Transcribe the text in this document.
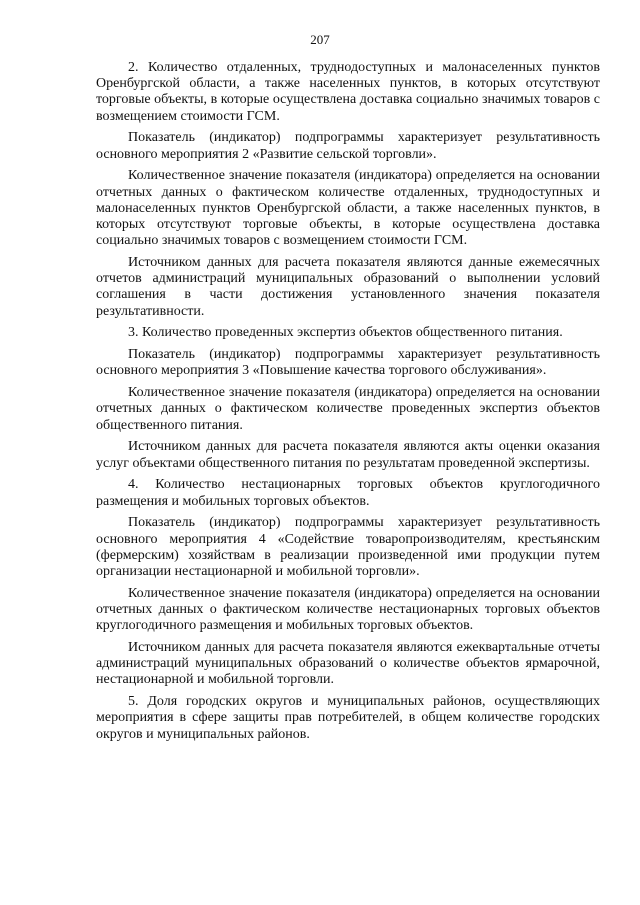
207

2. Количество отдаленных, труднодоступных и малонаселенных пунктов Оренбургской области, а также населенных пунктов, в которых отсутствуют торговые объекты, в которые осуществлена доставка социально значимых товаров с возмещением стоимости ГСМ.

Показатель (индикатор) подпрограммы характеризует результативность основного мероприятия 2 «Развитие сельской торговли».

Количественное значение показателя (индикатора) определяется на основании отчетных данных о фактическом количестве отдаленных, труднодоступных и малонаселенных пунктов Оренбургской области, а также населенных пунктов, в которых отсутствуют торговые объекты, в которые осуществлена доставка социально значимых товаров с возмещением стоимости ГСМ.

Источником данных для расчета показателя являются данные ежемесячных отчетов администраций муниципальных образований о выполнении условий соглашения в части достижения установленного значения показателя результативности.

3. Количество проведенных экспертиз объектов общественного питания.

Показатель (индикатор) подпрограммы характеризует результативность основного мероприятия 3 «Повышение качества торгового обслуживания».

Количественное значение показателя (индикатора) определяется на основании отчетных данных о фактическом количестве проведенных экспертиз объектов общественного питания.

Источником данных для расчета показателя являются акты оценки оказания услуг объектами общественного питания по результатам проведенной экспертизы.

4. Количество нестационарных торговых объектов круглогодичного размещения и мобильных торговых объектов.

Показатель (индикатор) подпрограммы характеризует результативность основного мероприятия 4 «Содействие товаропроизводителям, крестьянским (фермерским) хозяйствам в реализации произведенной ими продукции путем организации нестационарной и мобильной торговли».

Количественное значение показателя (индикатора) определяется на основании отчетных данных о фактическом количестве нестационарных торговых объектов круглогодичного размещения и мобильных торговых объектов.

Источником данных для расчета показателя являются ежеквартальные отчеты администраций муниципальных образований о количестве объектов ярмарочной, нестационарной и мобильной торговли.

5. Доля городских округов и муниципальных районов, осуществляющих мероприятия в сфере защиты прав потребителей, в общем количестве городских округов и муниципальных районов.
